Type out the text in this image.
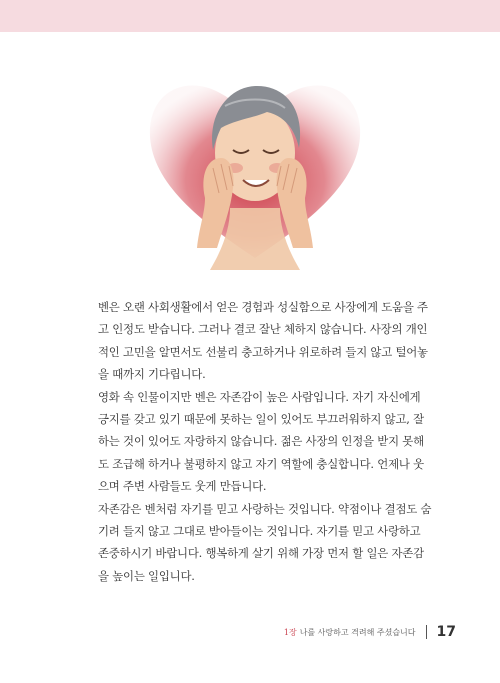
벤은 오랜 사회생활에서 얻은 경험과 성실함으로 사장에게 도움을 주
고 인정도 받습니다. 그러나 결코 잘난 체하지 않습니다. 사장의 개인
적인 고민을 알면서도 선불리 충고하거나 위로하려 들지 않고 털어놓
을 때까지 기다립니다.
영화 속 인물이지만 벤은 자존감이 높은 사람입니다. 자기 자신에게
긍지를 갖고 있기 때문에 못하는 일이 있어도 부끄러워하지 않고, 잘
하는 것이 있어도 자랑하지 않습니다. 젊은 사장의 인정을 받지 못해
도 조급해 하거나 불평하지 않고 자기 역할에 충실합니다. 언제나 웃
으며 주변 사람들도 웃게 만듭니다.
자존감은 벤처럼 자기를 믿고 사랑하는 것입니다. 약점이나 결점도 숨
기려 들지 않고 그대로 받아들이는 것입니다. 자기를 믿고 사랑하고
존중하시기 바랍니다. 행복하게 살기 위해 가장 먼저 할 일은 자존감
을 높이는 일입니다.
1장 나를 사랑하고 격려해 주셨습니다 17
